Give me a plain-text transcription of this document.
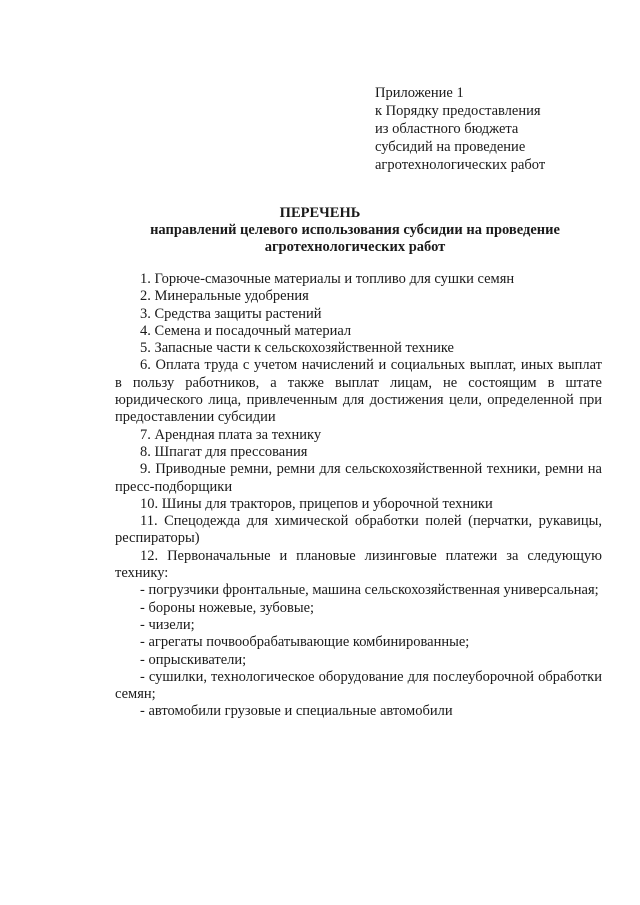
Приложение 1
к Порядку предоставления
из областного бюджета
субсидий на проведение
агротехнологических работ
ПЕРЕЧЕНЬ
направлений целевого использования субсидии на проведение агротехнологических работ

1. Горюче-смазочные материалы и топливо для сушки семян

2. Минеральные удобрения

3. Средства защиты растений

4. Семена и посадочный материал

5. Запасные части к сельскохозяйственной технике

6. Оплата труда с учетом начислений и социальных выплат, иных выплат в пользу работников, а также выплат лицам, не состоящим в штате юридического лица, привлеченным для достижения цели, определенной при предоставлении субсидии

7. Арендная плата за технику

8. Шпагат для прессования

9. Приводные ремни, ремни для сельскохозяйственной техники, ремни на пресс-подборщики

10. Шины для тракторов, прицепов и уборочной техники

11. Спецодежда для химической обработки полей (перчатки, рукавицы, респираторы)

12. Первоначальные и плановые лизинговые платежи за следующую технику:

- погрузчики фронтальные, машина сельскохозяйственная универсальная;

- бороны ножевые, зубовые;

- чизели;

- агрегаты почвообрабатывающие комбинированные;

- опрыскиватели;

- сушилки, технологическое оборудование для послеуборочной обработки семян;

- автомобили грузовые и специальные автомобили
